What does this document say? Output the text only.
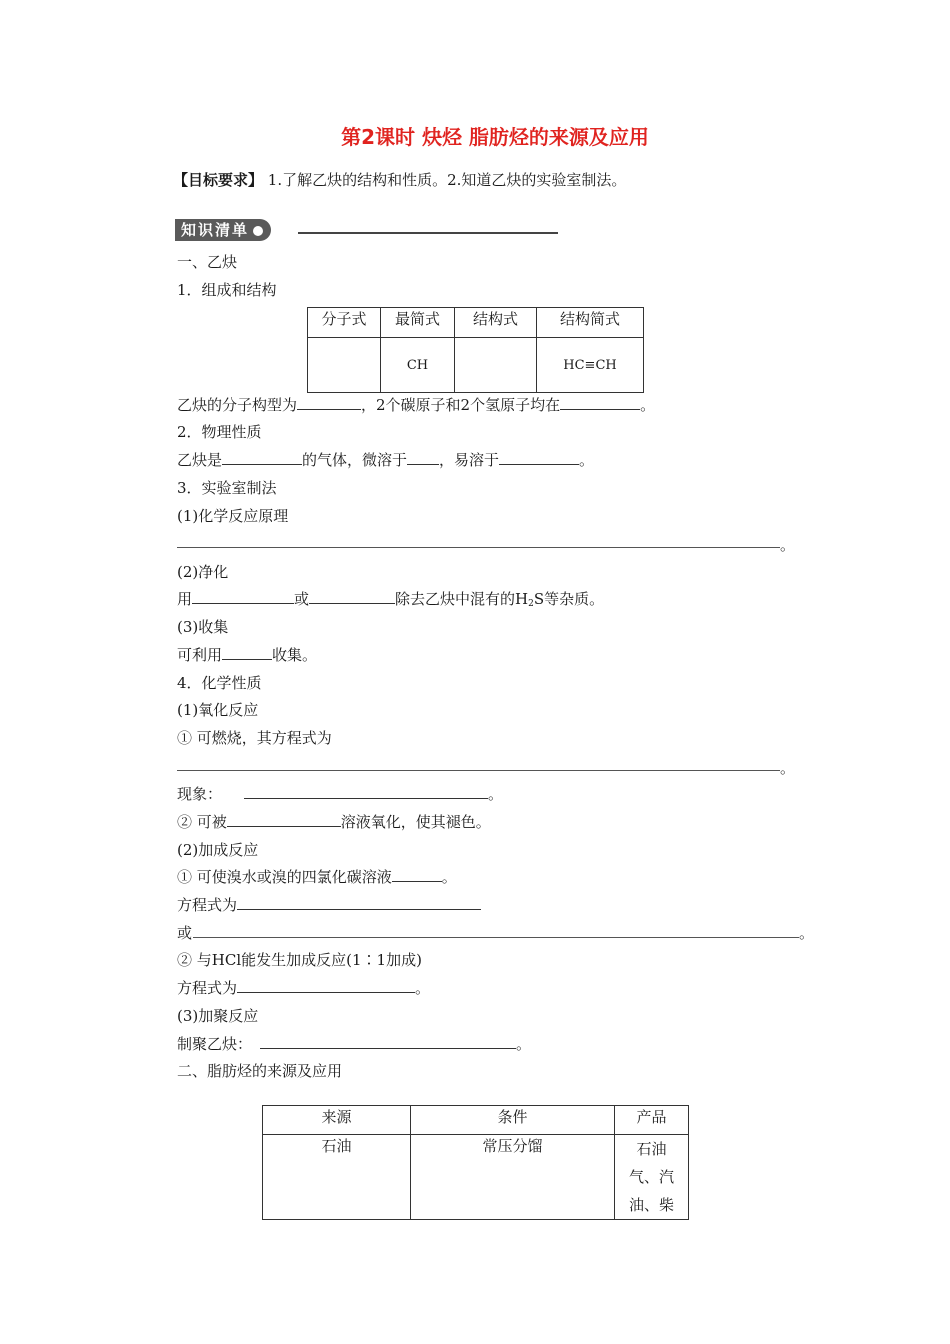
第2课时 炔烃 脂肪烃的来源及应用
【目标要求】 1.了解乙炔的结构和性质。2.知道乙炔的实验室制法。
知识清单
一、乙炔
1．组成和结构
分子式	最简式	结构式	结构简式
	CH		HC≡CH
乙炔的分子构型为	，2个碳原子和2个氢原子均在	。
2．物理性质
乙炔是	的气体，微溶于 ，易溶于	。
3．实验室制法
(1)化学反应原理
。
(2)净化
用	或	除去乙炔中混有的$H_2S$等杂质。
(3)收集
可利用	收集。
4．化学性质
(1)氧化反应
① 可燃烧，其方程式为
。
现象：	。
② 可被	溶液氧化，使其褪色。
(2)加成反应
① 可使溴水或溴的四氯化碳溶液	。
方程式为
或	。
② 与HCl能发生加成反应(1∶1加成)
方程式为	。
(3)加聚反应
制聚乙炔：	。
二、脂肪烃的来源及应用
来源	条件	产品
石油	常压分馏	石油气、汽油、柴
